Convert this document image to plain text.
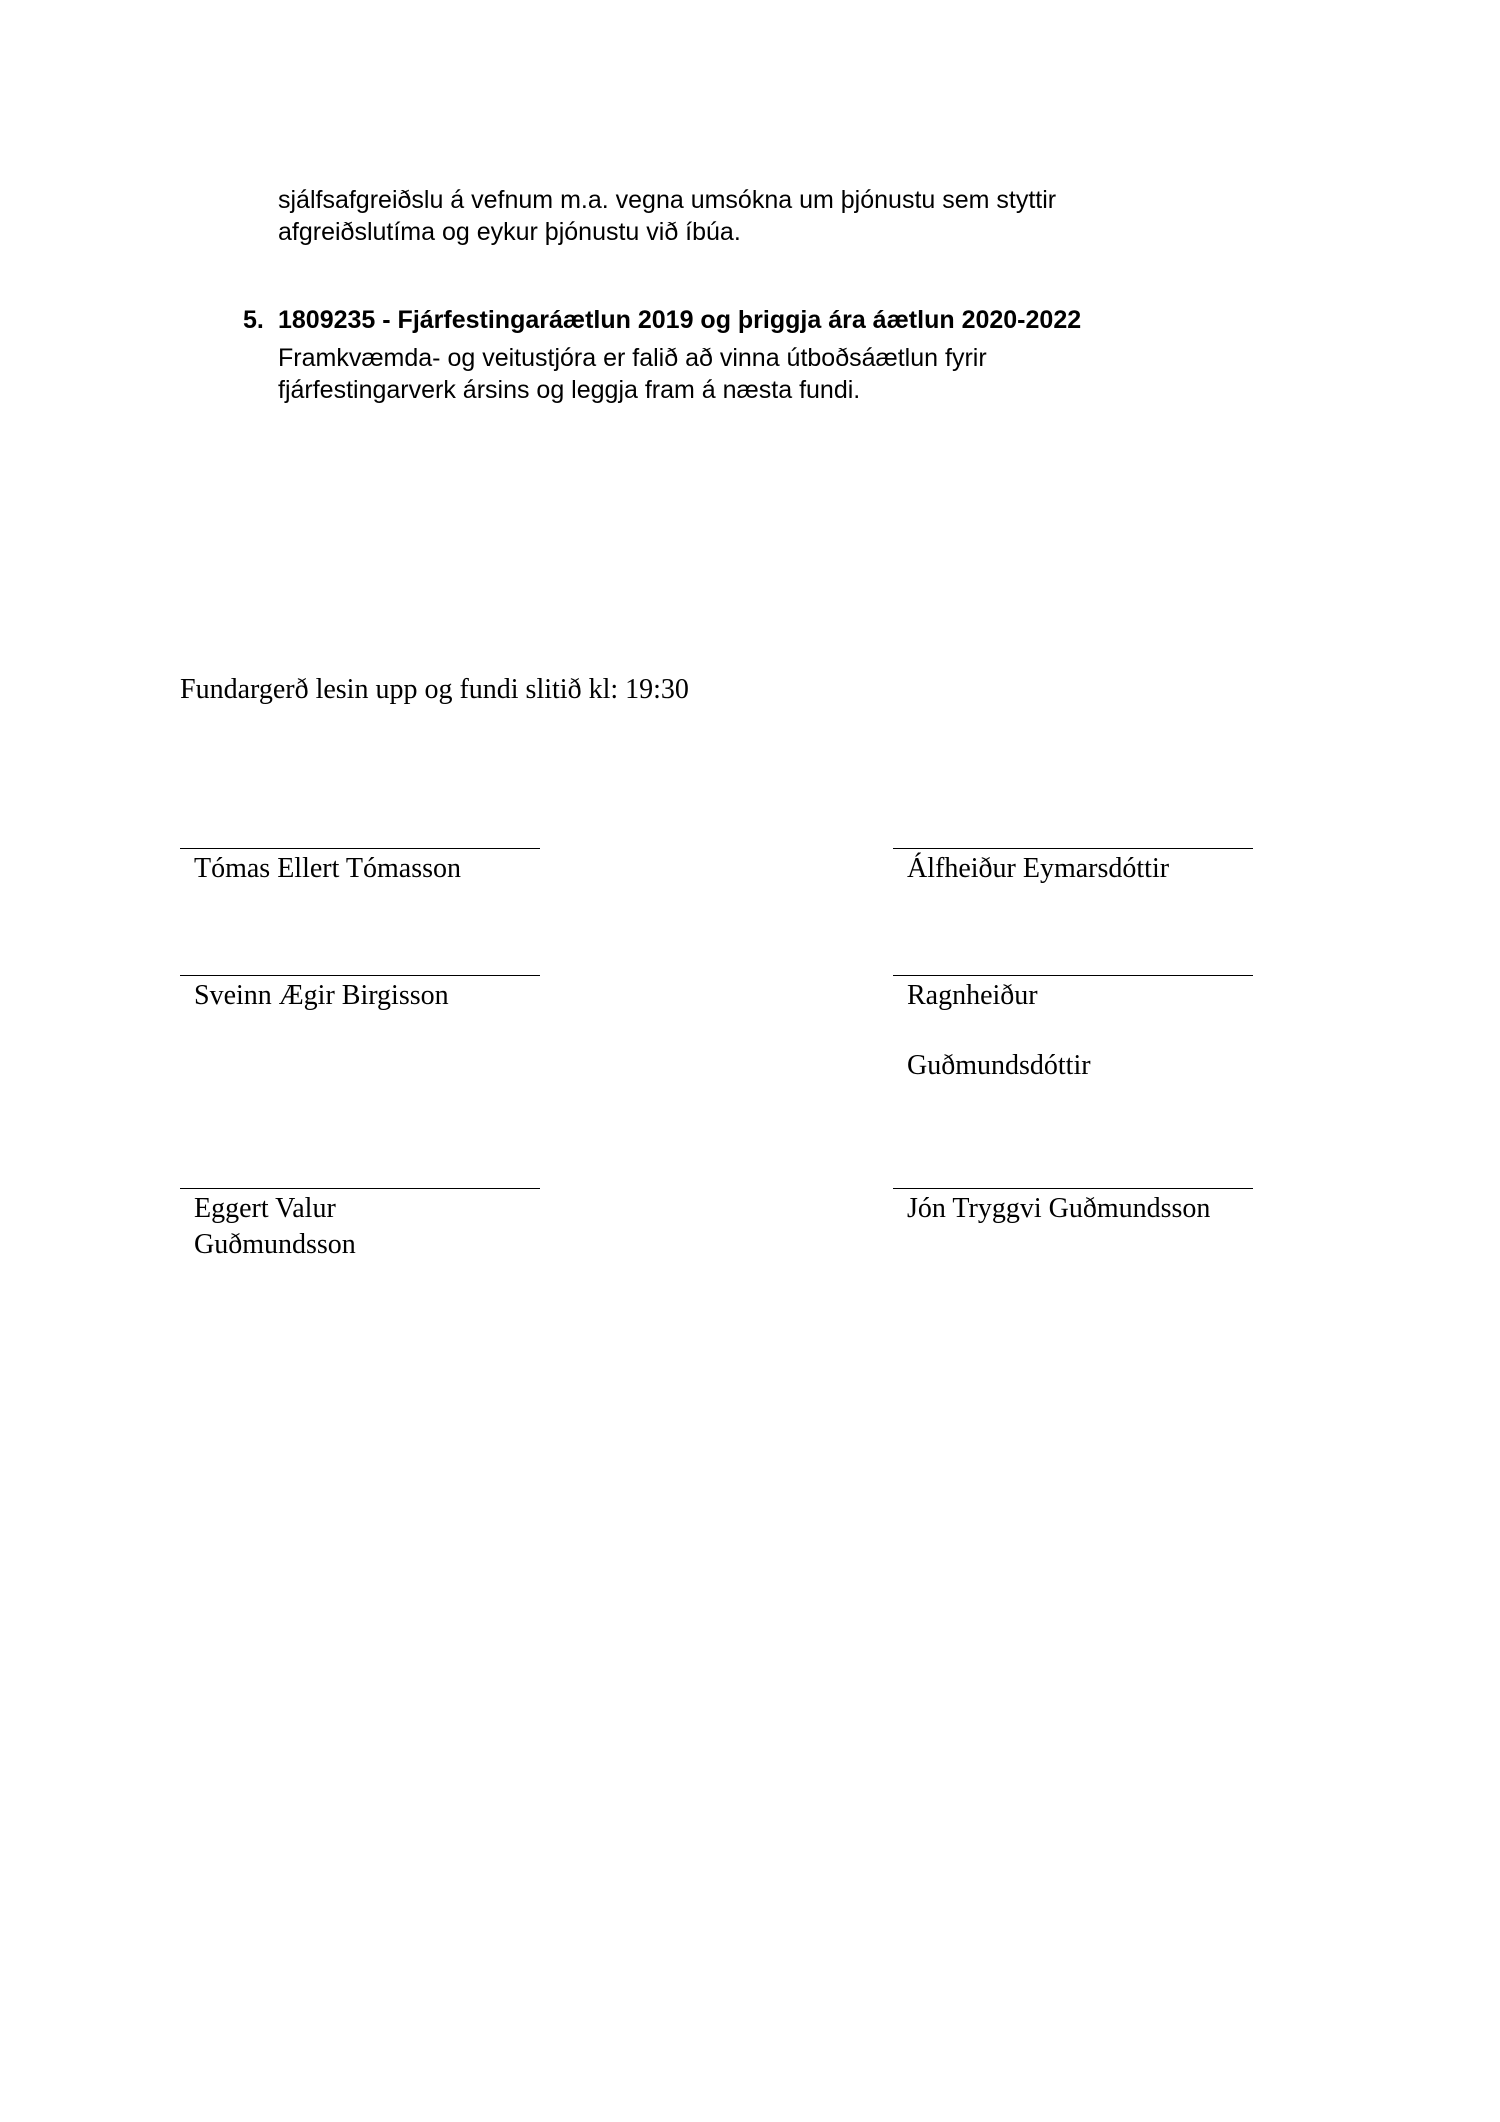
sjálfsafgreiðslu á vefnum m.a. vegna umsókna um þjónustu sem styttir
afgreiðslutíma og eykur þjónustu við íbúa.
5. 1809235 - Fjárfestingaráætlun 2019 og þriggja ára áætlun 2020-2022
Framkvæmda- og veitustjóra er falið að vinna útboðsáætlun fyrir
fjárfestingarverk ársins og leggja fram á næsta fundi.
Fundargerð lesin upp og fundi slitið kl: 19:30
Tómas Ellert Tómasson	Álfheiður Eymarsdóttir
Sveinn Ægir Birgisson	Ragnheiður
Guðmundsdóttir
Eggert Valur
Guðmundsson
Jón Tryggvi Guðmundsson
